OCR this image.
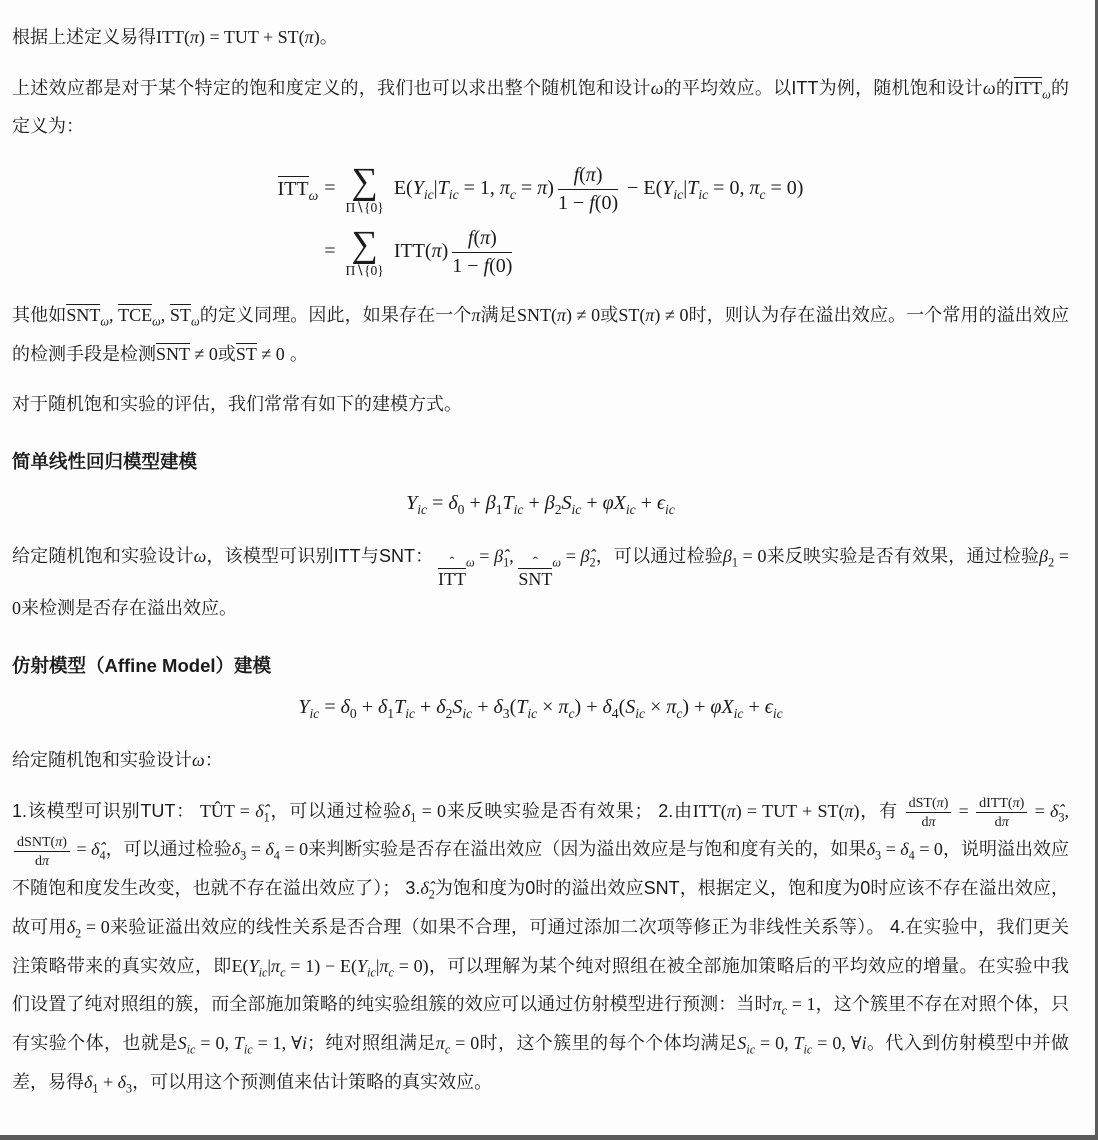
根据上述定义易得ITT(π) = TUT + ST(π)。

上述效应都是对于某个特定的饱和度定义的，我们也可以求出整个随机饱和设计ω的平均效应。以ITT为例，随机饱和设计ω的$ITT_\omega$的定义为：

$ITT_\omega$	= ∑
Π∖{0}
$E(Y_{ic}|T_{ic} = 1$, $\pi_c = \pi) \frac{f(\pi)}{1 - f(0)} - E(Y_{ic}|T_{ic} = 0$, $\pi_c = 0$)
	= ∑
Π∖{0}
$ITT(\pi) \frac{f(\pi)}{1 - f(0)}$

其他如$SNT_\omega$, $TCE_\omega$, $ST_\omega$的定义同理。因此，如果存在一个π满足SNT(π) ≠ 0或ST(π) ≠ 0时，则认为存在溢出效应。一个常用的溢出效应的检测手段是检测SNT ≠ 0或ST ≠ 0 。

对于随机饱和实验的评估，我们常常有如下的建模方式。

简单线性回归模型建模
$Y_{ic} = \delta_0 + \beta_1T_{ic} + \beta_2S_{ic} + \varphi X_{ic} + \epsilon_{ic}$

给定随机饱和实验设计ω，该模型可识别ITT与SNT： ˆ
ITT
$_\omega = \betâ_1$, ˆ
SNT
$_\omega = \betâ_2$，可以通过检验$\beta_1 = 0$来反映实验是否有效果，通过检验$\beta_2 = 0$来检测是否存在溢出效应。

仿射模型（Affine Model）建模
$Y_{ic} = \delta_0 + \delta_1T_{ic} + \delta_2S_{ic} + \delta_3(T_{ic} \times \pi_c) + \delta_4(S_{ic} \times \pi_c) + \varphi X_{ic} + \epsilon_{ic}$

给定随机饱和实验设计ω：

1.该模型可识别TUT： TÛT = $\deltâ_1$，可以通过检验$\delta_1 = 0$来反映实验是否有效果； 2.由ITT(π) = TUT + ST(π)，有 dST(π)
dπ
= dITT(π)
dπ
= $\deltâ_3$,
dSNT(π)
dπ
= $\deltâ_4$，可以通过检验$\delta_3 = \delta_4 = 0$来判断实验是否存在溢出效应（因为溢出效应是与饱和度有关的，如果$\delta_3 = \delta_4 = 0$，说明溢出效应不随饱和度发生改变，也就不存在溢出效应了）； $3.\deltâ_2$为饱和度为0时的溢出效应SNT，根据定义，饱和度为0时应该不存在溢出效应，故可用$\delta_2 = 0$来验证溢出效应的线性关系是否合理（如果不合理，可通过添加二次项等修正为非线性关系等）。 4.在实验中，我们更关注策略带来的真实效应，即$E(Y_{ic}|\pi_c = 1) - E(Y_{ic}|\pi_c = 0)$，可以理解为某个纯对照组在被全部施加策略后的平均效应的增量。在实验中我们设置了纯对照组的簇，而全部施加策略的纯实验组簇的效应可以通过仿射模型进行预测：当时$\pi_c = 1$，这个簇里不存在对照个体，只有实验个体，也就是$S_{ic} = 0$, $T_{ic} = 1$, ∀i；纯对照组满足$\pi_c = 0$时，这个簇里的每个个体均满足$S_{ic} = 0$, $T_{ic} = 0$, ∀i。代入到仿射模型中并做差，易得$\delta_1 + \delta_3$，可以用这个预测值来估计策略的真实效应。
